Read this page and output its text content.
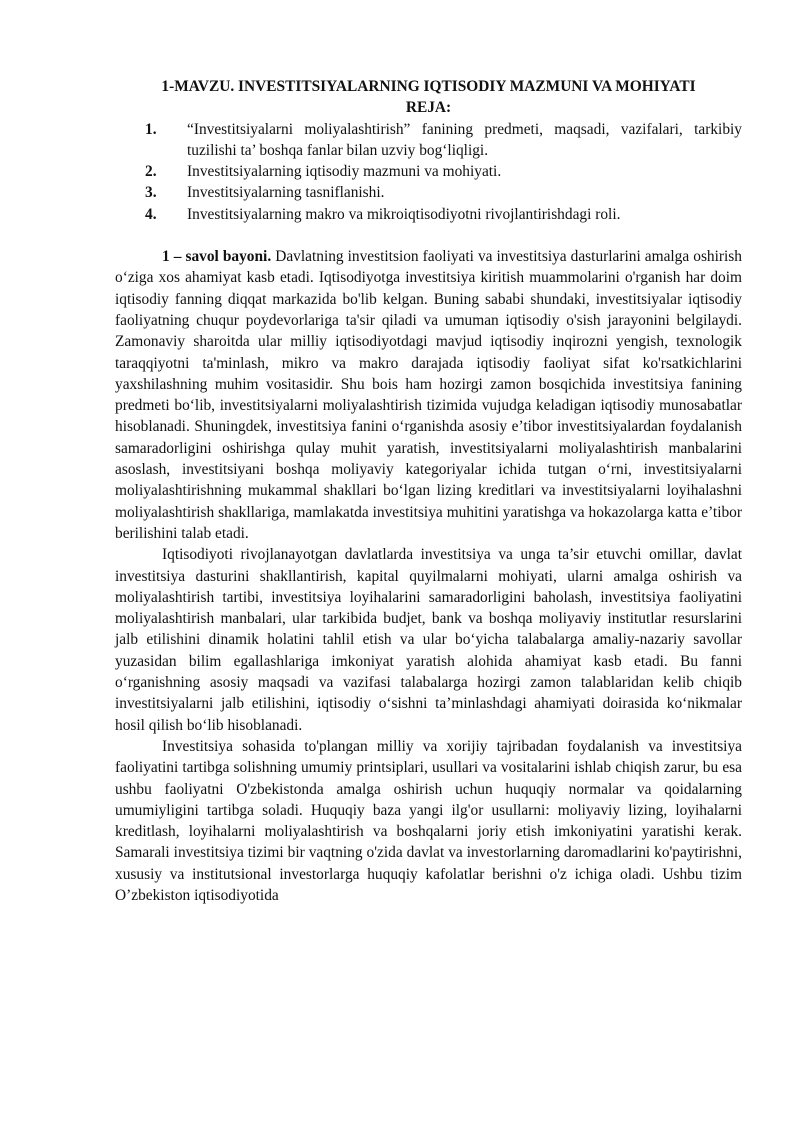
1-MAVZU. INVESTITSIYALARNING IQTISODIY MAZMUNI VA MOHIYATI
REJA:
1.	“Investitsiyalarni moliyalashtirish” fanining predmeti, maqsadi, vazifalari, tarkibiy tuzilishi ta’ boshqa fanlar bilan uzviy bog‘liqligi.
2.	Investitsiyalarning iqtisodiy mazmuni va mohiyati.
3.	Investitsiyalarning tasniflanishi.
4.	Investitsiyalarning makro va mikroiqtisodiyotni rivojlantirishdagi roli.

1 – savol bayoni. Davlatning investitsion faoliyati va investitsiya dasturlarini amalga oshirish o‘ziga xos ahamiyat kasb etadi. Iqtisodiyotga investitsiya kiritish muammolarini o'rganish har doim iqtisodiy fanning diqqat markazida bo'lib kelgan. Buning sababi shundaki, investitsiyalar iqtisodiy faoliyatning chuqur poydevorlariga ta'sir qiladi va umuman iqtisodiy o'sish jarayonini belgilaydi. Zamonaviy sharoitda ular milliy iqtisodiyotdagi mavjud iqtisodiy inqirozni yengish, texnologik taraqqiyotni ta'minlash, mikro va makro darajada iqtisodiy faoliyat sifat ko'rsatkichlarini yaxshilashning muhim vositasidir. Shu bois ham hozirgi zamon bosqichida investitsiya fanining predmeti bo‘lib, investitsiyalarni moliyalashtirish tizimida vujudga keladigan iqtisodiy munosabatlar hisoblanadi. Shuningdek, investitsiya fanini o‘rganishda asosiy e’tibor investitsiyalardan foydalanish samaradorligini oshirishga qulay muhit yaratish, investitsiyalarni moliyalashtirish manbalarini asoslash, investitsiyani boshqa moliyaviy kategoriyalar ichida tutgan o‘rni, investitsiyalarni moliyalashtirishning mukammal shakllari bo‘lgan lizing kreditlari va investitsiyalarni loyihalashni moliyalashtirish shakllariga, mamlakatda investitsiya muhitini yaratishga va hokazolarga katta e’tibor berilishini talab etadi.

Iqtisodiyoti rivojlanayotgan davlatlarda investitsiya va unga ta’sir etuvchi omillar, davlat investitsiya dasturini shakllantirish, kapital quyilmalarni mohiyati, ularni amalga oshirish va moliyalashtirish tartibi, investitsiya loyihalarini samaradorligini baholash, investitsiya faoliyatini moliyalashtirish manbalari, ular tarkibida budjet, bank va boshqa moliyaviy institutlar resurslarini jalb etilishini dinamik holatini tahlil etish va ular bo‘yicha talabalarga amaliy-nazariy savollar yuzasidan bilim egallashlariga imkoniyat yaratish alohida ahamiyat kasb etadi. Bu fanni o‘rganishning asosiy maqsadi va vazifasi talabalarga hozirgi zamon talablaridan kelib chiqib investitsiyalarni jalb etilishini, iqtisodiy o‘sishni ta’minlashdagi ahamiyati doirasida ko‘nikmalar hosil qilish bo‘lib hisoblanadi.

Investitsiya sohasida to'plangan milliy va xorijiy tajribadan foydalanish va investitsiya faoliyatini tartibga solishning umumiy printsiplari, usullari va vositalarini ishlab chiqish zarur, bu esa ushbu faoliyatni O'zbekistonda amalga oshirish uchun huquqiy normalar va qoidalarning umumiyligini tartibga soladi. Huquqiy baza yangi ilg'or usullarni: moliyaviy lizing, loyihalarni kreditlash, loyihalarni moliyalashtirish va boshqalarni joriy etish imkoniyatini yaratishi kerak. Samarali investitsiya tizimi bir vaqtning o'zida davlat va investorlarning daromadlarini ko'paytirishni, xususiy va institutsional investorlarga huquqiy kafolatlar berishni o'z ichiga oladi. Ushbu tizim O’zbekiston iqtisodiyotida
